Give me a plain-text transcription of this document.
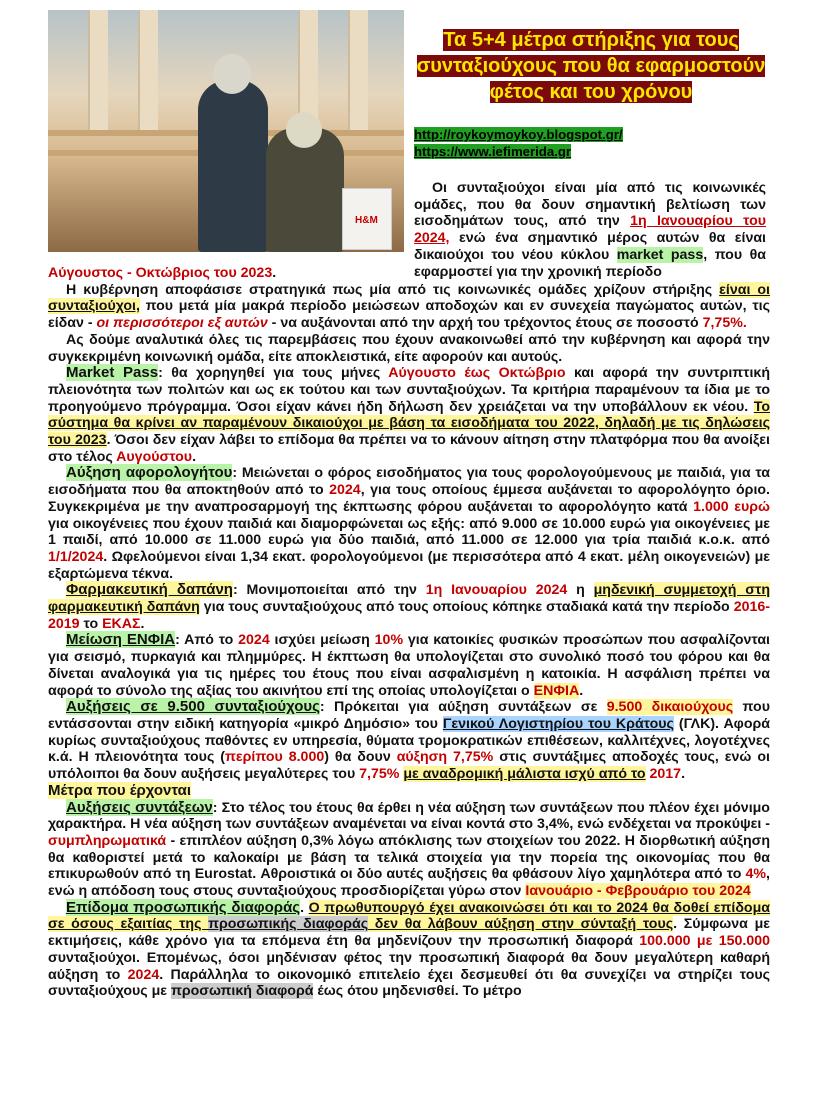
H&M
Τα 5+4 μέτρα στήριξης για τους συνταξιούχους που θα εφαρμοστούν φέτος και του χρόνου
http://roykoymoykoy.blogspot.gr/
https://www.iefimerida.gr
Οι συνταξιούχοι είναι μία από τις κοινωνικές ομάδες, που θα δουν σημαντική βελτίωση των εισοδημάτων τους, από την 1η Ιανουαρίου του 2024, ενώ ένα σημαντικό μέρος αυτών θα είναι δικαιούχοι του νέου κύκλου market pass, που θα εφαρμοστεί για την χρονική περίοδο

Αύγουστος - Οκτώβριος του 2023.

Η κυβέρνηση αποφάσισε στρατηγικά πως μία από τις κοινωνικές ομάδες χρίζουν στήριξης είναι οι συνταξιούχοι, που μετά μία μακρά περίοδο μειώσεων αποδοχών και εν συνεχεία παγώματος αυτών, τις είδαν - οι περισσότεροι εξ αυτών - να αυξάνονται από την αρχή του τρέχοντος έτους σε ποσοστό 7,75%.

Ας δούμε αναλυτικά όλες τις παρεμβάσεις που έχουν ανακοινωθεί από την κυβέρνηση και αφορά την συγκεκριμένη κοινωνική ομάδα, είτε αποκλειστικά, είτε αφορούν και αυτούς.

Market Pass: θα χορηγηθεί για τους μήνες Αύγουστο έως Οκτώβριο και αφορά την συντριπτική πλειονότητα των πολιτών και ως εκ τούτου και των συνταξιούχων. Τα κριτήρια παραμένουν τα ίδια με το προηγούμενο πρόγραμμα. Όσοι είχαν κάνει ήδη δήλωση δεν χρειάζεται να την υποβάλλουν εκ νέου. Το σύστημα θα κρίνει αν παραμένουν δικαιούχοι με βάση τα εισοδήματα του 2022, δηλαδή με τις δηλώσεις του 2023. Όσοι δεν είχαν λάβει το επίδομα θα πρέπει να το κάνουν αίτηση στην πλατφόρμα που θα ανοίξει στο τέλος Αυγούστου.

Αύξηση αφορολογήτου: Μειώνεται ο φόρος εισοδήματος για τους φορολογούμενους με παιδιά, για τα εισοδήματα που θα αποκτηθούν από το 2024, για τους οποίους έμμεσα αυξάνεται το αφορολόγητο όριο. Συγκεκριμένα με την αναπροσαρμογή της έκπτωσης φόρου αυξάνεται το αφορολόγητο κατά 1.000 ευρώ για οικογένειες που έχουν παιδιά και διαμορφώνεται ως εξής: από 9.000 σε 10.000 ευρώ για οικογένειες με 1 παιδί, από 10.000 σε 11.000 ευρώ για δύο παιδιά, από 11.000 σε 12.000 για τρία παιδιά κ.ο.κ. από 1/1/2024. Ωφελούμενοι είναι 1,34 εκατ. φορολογούμενοι (με περισσότερα από 4 εκατ. μέλη οικογενειών) με εξαρτώμενα τέκνα.

Φαρμακευτική δαπάνη: Μονιμοποιείται από την 1η Ιανουαρίου 2024 η μηδενική συμμετοχή στη φαρμακευτική δαπάνη για τους συνταξιούχους από τους οποίους κόπηκε σταδιακά κατά την περίοδο 2016-2019 το ΕΚΑΣ.

Μείωση ΕΝΦΙΑ: Από το 2024 ισχύει μείωση 10% για κατοικίες φυσικών προσώπων που ασφαλίζονται για σεισμό, πυρκαγιά και πλημμύρες. Η έκπτωση θα υπολογίζεται στο συνολικό ποσό του φόρου και θα δίνεται αναλογικά για τις ημέρες του έτους που είναι ασφαλισμένη η κατοικία. Η ασφάλιση πρέπει να αφορά το σύνολο της αξίας του ακινήτου επί της οποίας υπολογίζεται ο ΕΝΦΙΑ.

Αυξήσεις σε 9.500 συνταξιούχους: Πρόκειται για αύξηση συντάξεων σε 9.500 δικαιούχους που εντάσσονται στην ειδική κατηγορία «μικρό Δημόσιο» του Γενικού Λογιστηρίου του Κράτους (ΓΛΚ). Αφορά κυρίως συνταξιούχους παθόντες εν υπηρεσία, θύματα τρομοκρατικών επιθέσεων, καλλιτέχνες, λογοτέχνες κ.ά. Η πλειονότητα τους (περίπου 8.000) θα δουν αύξηση 7,75% στις συντάξιμες αποδοχές τους, ενώ οι υπόλοιποι θα δουν αυξήσεις μεγαλύτερες του 7,75% με αναδρομική μάλιστα ισχύ από το 2017.

Μέτρα που έρχονται

Αυξήσεις συντάξεων: Στο τέλος του έτους θα έρθει η νέα αύξηση των συντάξεων που πλέον έχει μόνιμο χαρακτήρα. Η νέα αύξηση των συντάξεων αναμένεται να είναι κοντά στο 3,4%, ενώ ενδέχεται να προκύψει - συμπληρωματικά - επιπλέον αύξηση 0,3% λόγω απόκλισης των στοιχείων του 2022. Η διορθωτική αύξηση θα καθοριστεί μετά το καλοκαίρι με βάση τα τελικά στοιχεία για την πορεία της οικονομίας που θα επικυρωθούν από τη Eurostat. Αθροιστικά οι δύο αυτές αυξήσεις θα φθάσουν λίγο χαμηλότερα από το 4%, ενώ η απόδοση τους στους συνταξιούχους προσδιορίζεται γύρω στον Ιανουάριο - Φεβρουάριο του 2024

Επίδομα προσωπικής διαφοράς. Ο πρωθυπουργό έχει ανακοινώσει ότι και το 2024 θα δοθεί επίδομα σε όσους εξαιτίας της προσωπικής διαφοράς δεν θα λάβουν αύξηση στην σύνταξή τους. Σύμφωνα με εκτιμήσεις, κάθε χρόνο για τα επόμενα έτη θα μηδενίζουν την προσωπική διαφορά 100.000 με 150.000 συνταξιούχοι. Επομένως, όσοι μηδένισαν φέτος την προσωπική διαφορά θα δουν μεγαλύτερη καθαρή αύξηση το 2024. Παράλληλα το οικονομικό επιτελείο έχει δεσμευθεί ότι θα συνεχίζει να στηρίζει τους συνταξιούχους με προσωπική διαφορά έως ότου μηδενισθεί. Το μέτρο
